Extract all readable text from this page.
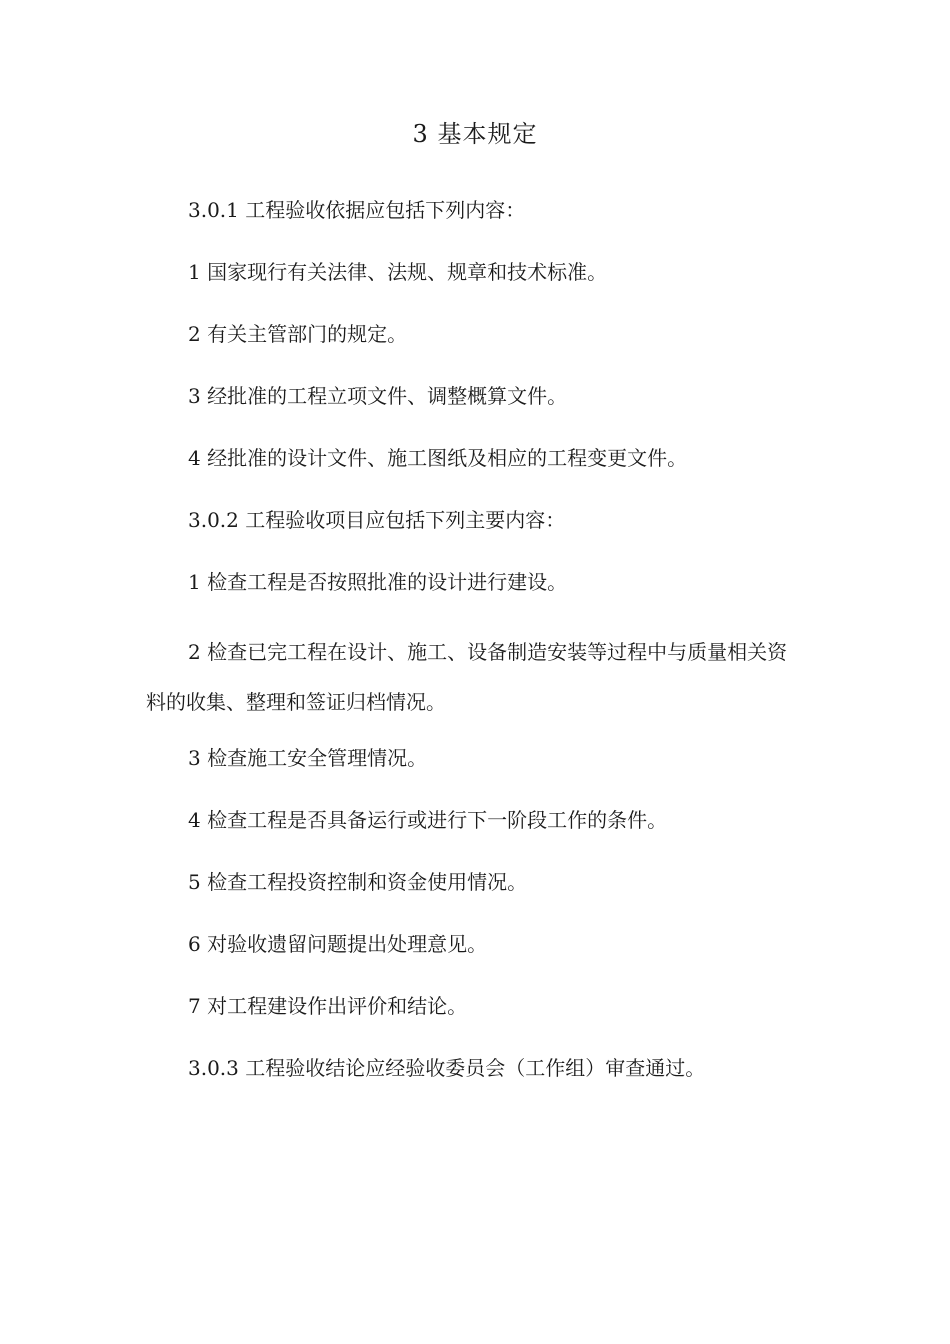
3 基本规定
3.0.1 工程验收依据应包括下列内容：
1 国家现行有关法律、法规、规章和技术标准。
2 有关主管部门的规定。
3 经批准的工程立项文件、调整概算文件。
4 经批准的设计文件、施工图纸及相应的工程变更文件。
3.0.2 工程验收项目应包括下列主要内容：
1 检查工程是否按照批准的设计进行建设。
2 检查已完工程在设计、施工、设备制造安装等过程中与质量相关资料的收集、整理和签证归档情况。
3 检查施工安全管理情况。
4 检查工程是否具备运行或进行下一阶段工作的条件。
5 检查工程投资控制和资金使用情况。
6 对验收遗留问题提出处理意见。
7 对工程建设作出评价和结论。
3.0.3 工程验收结论应经验收委员会（工作组）审查通过。
